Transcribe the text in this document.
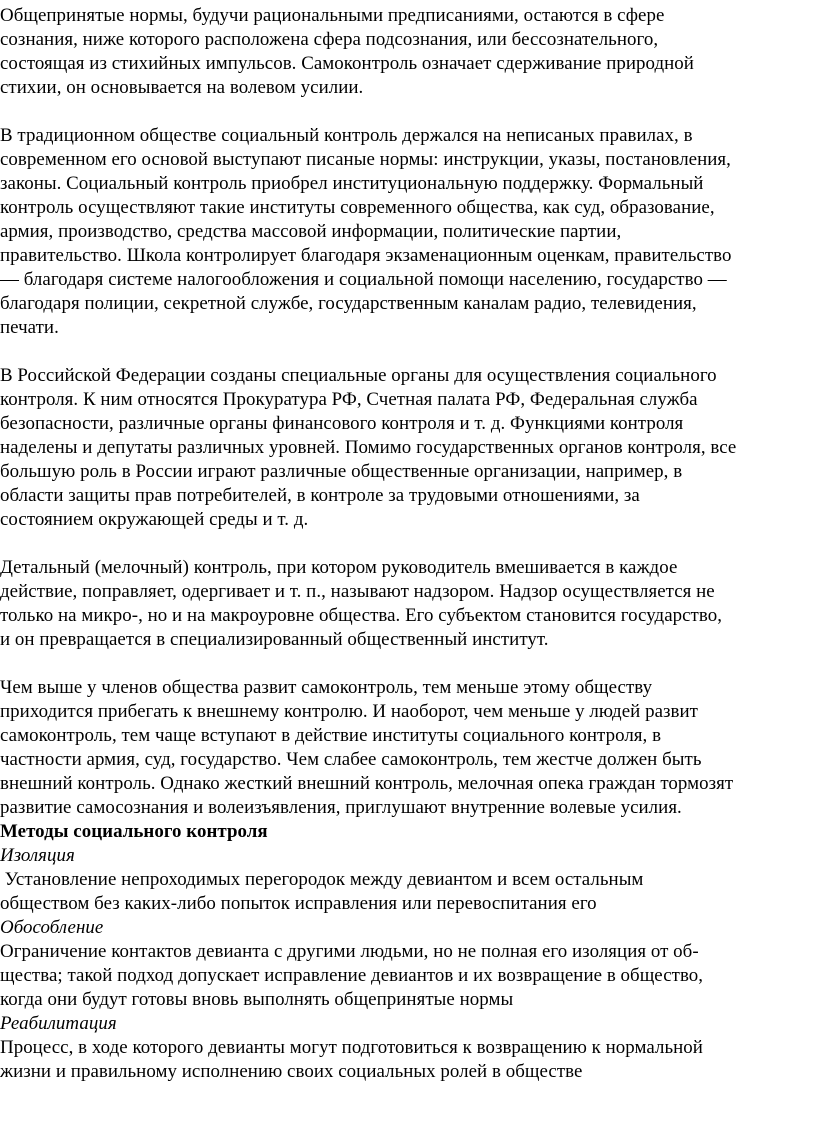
Общепринятые нормы, будучи рациональными предписаниями, остаются в сфере
сознания, ниже которого расположена сфера подсознания, или бессознательного,
состоящая из стихийных импульсов. Самоконтроль означает сдерживание природной
стихии, он основывается на волевом усилии.
В традиционном обществе социальный контроль держался на неписаных правилах, в
современном его основой выступают писаные нормы: инструкции, указы, постановления,
законы. Социальный контроль приобрел институциональную поддержку. Формальный
контроль осуществляют такие институты современного общества, как суд, образование,
армия, производство, средства массовой информации, политические партии,
правительство. Школа контролирует благодаря экзаменационным оценкам, правительство
— благодаря системе налогообложения и социальной помощи населению, государство —
благодаря полиции, секретной службе, государственным каналам радио, телевидения,
печати.
В Российской Федерации созданы специальные органы для осуществления социального
контроля. К ним относятся Прокуратура РФ, Счетная палата РФ, Федеральная служба
безопасности, различные органы финансового контроля и т. д. Функциями контроля
наделены и депутаты различных уровней. Помимо государственных органов контроля, все
большую роль в России играют различные общественные организации, например, в
области защиты прав потребителей, в контроле за трудовыми отношениями, за
состоянием окружающей среды и т. д.
Детальный (мелочный) контроль, при котором руководитель вмешивается в каждое
действие, поправляет, одергивает и т. п., называют надзором. Надзор осуществляется не
только на микро-, но и на макроуровне общества. Его субъектом становится государство,
и он превращается в специализированный общественный институт.
Чем выше у членов общества развит самоконтроль, тем меньше этому обществу
приходится прибегать к внешнему контролю. И наоборот, чем меньше у людей развит
самоконтроль, тем чаще вступают в действие институты социального контроля, в
частности армия, суд, государство. Чем слабее самоконтроль, тем жестче должен быть
внешний контроль. Однако жесткий внешний контроль, мелочная опека граждан тормозят
развитие самосознания и волеизъявления, приглушают внутренние волевые усилия.
Методы социального контроля
Изоляция
Установление непроходимых перегородок между девиантом и всем остальным
обществом без каких-либо попыток исправления или перевоспитания его
Обособление
Ограничение контактов девианта с другими людьми, но не полная его изоляция от об-
щества; такой подход допускает исправление девиантов и их возвращение в общество,
когда они будут готовы вновь выполнять общепринятые нормы
Реабилитация
Процесс, в ходе которого девианты могут подготовиться к возвращению к нормальной
жизни и правильному исполнению своих социальных ролей в обществе
